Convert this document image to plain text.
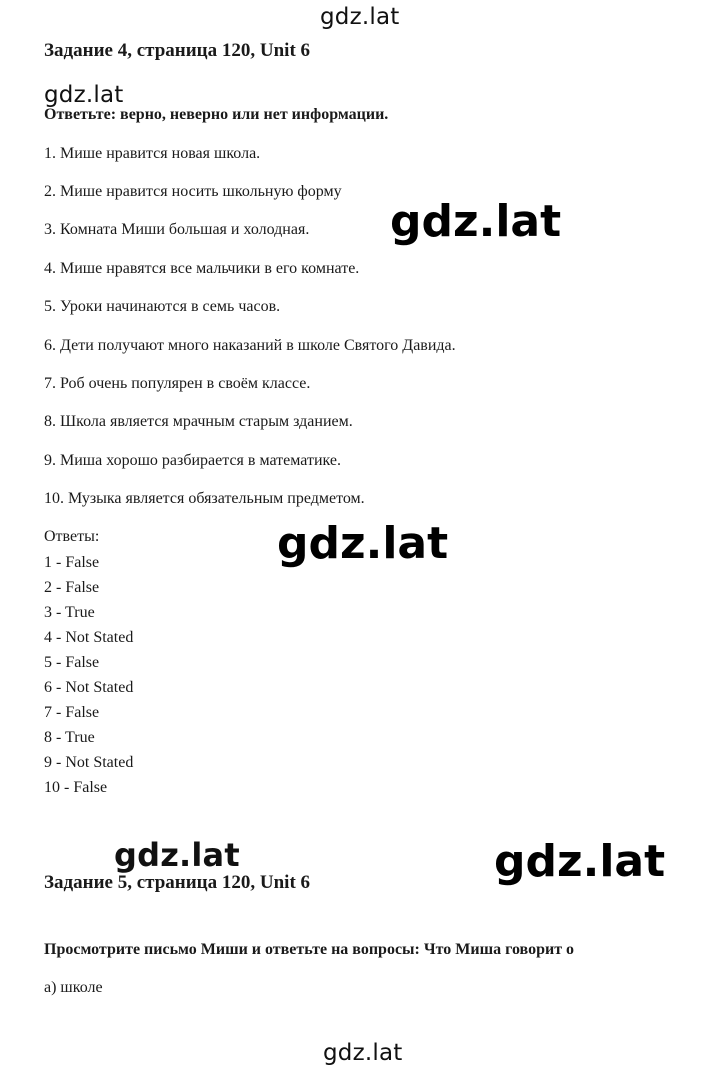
gdz.lat
gdz.lat
gdz.lat
gdz.lat
gdz.lat	gdz.lat
gdz.lat
Задание 4, страница 120, Unit 6
Ответьте: верно, неверно или нет информации.
1. Мише нравится новая школа.
2. Мише нравится носить школьную форму
3. Комната Миши большая и холодная.
4. Мише нравятся все мальчики в его комнате.
5. Уроки начинаются в семь часов.
6. Дети получают много наказаний в школе Святого Давида.
7. Роб очень популярен в своём классе.
8. Школа является мрачным старым зданием.
9. Миша хорошо разбирается в математике.
10. Музыка является обязательным предметом.
Ответы:
1 - False
2 - False
3 - True
4 - Not Stated
5 - False
6 - Not Stated
7 - False
8 - True
9 - Not Stated
10 - False
Задание 5, страница 120, Unit 6
Просмотрите письмо Миши и ответьте на вопросы: Что Миша говорит о
a) школе
